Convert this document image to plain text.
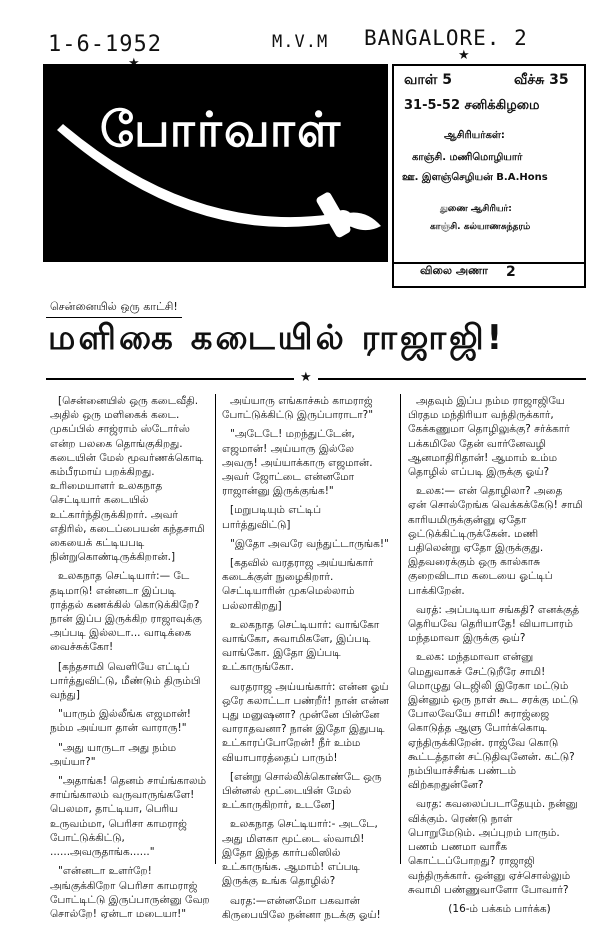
1-6-1952	M.V.M BANGALORE. 2
★
போர்வாள்
வாள் 5	வீச்சு 35
31-5-52 சனிக்கிழமை
ஆசிரியர்கள்:
காஞ்சி. மணிமொழியார்
ஊ. இளஞ்செழியன் B.A.Hons
துணை ஆசிரியர்:
காஞ்சி. கல்யாணசுந்தரம்
விலை அணா 2
சென்னையில் ஒரு காட்சி!
மளிகை கடையில் ராஜாஜி!
★

[சென்னையில் ஒரு கடைவீதி. அதில் ஒரு மளிகைக் கடை. முகப்பில் சாஜ்ராம் ஸ்டோர்ஸ் என்ற பலகை தொங்குகிறது. கடையின் மேல் மூவர்ணக்கொடி கம்பீரமாய் பறக்கிறது. உரிமையாளர் உலகநாத செட்டியார் கடையில் உட்கார்ந்திருக்கிறார். அவர் எதிரில், கடைப்பையன் கந்தசாமி கையைக் கட்டியபடி நின்றுகொண்டிருக்கிறான்.]

உலகநாத செட்டியார்:— டே தடிமாடு! என்னடா இப்படி ராத்தல் கணக்கில் கொடுக்கிறே? நான் இப்ப இருக்கிற ராஜாவுக்கு அப்படி இல்லடா... வாடிக்கை வைச்சுக்கோ!

[கந்தசாமி வெளியே எட்டிப் பார்த்துவிட்டு, மீண்டும் திரும்பி வந்து]

"யாரும் இல்லீங்க எஜமான்! நம்ம அய்யா தான் வாராரு!"

"அது யாருடா அது நம்ம அய்யா?"

"அதாங்க! தெனம் சாய்ங்காலம் சாய்ங்காலம் வருவாருங்களே! பெலமா, தாட்டியா, பெரிய உருவம்மா, பெரிசா காமராஜ் போட்டுக்கிட்டு, ......அவருதாங்க......"

"என்னடா உளர்றே! அங்குக்கிறோ பெரிசா காமராஜ் போட்டிட்டு இருப்பாருன்னு வேற சொல்றே! ஏன்டா மடையா!"

அய்யாரு எங்காச்சும் காமராஜ் போட்டுக்கிட்டு இருப்பாராடா?"

"அடேடே! மறந்துட்டேன், எஜமான்! அய்யாரு இல்லே அவரு! அய்யாக்காரு எஜமான். அவர் ஜோட்டை என்னமோ ராஜான்னு இருக்குங்க!"

[மறுபடியும் எட்டிப் பார்த்துவிட்டு]

"இதோ அவரே வந்துட்டாருங்க!"

[கதவில் வரதராஜ அய்யங்கார் கடைக்குள் நுழைகிறார். செட்டியாரின் முகமெல்லாம் பல்லாகிறது]

உலகநாத செட்டியார்: வாங்கோ வாங்கோ, சுவாமிகளே, இப்படி வாங்கோ. இதோ இப்படி உட்காருங்கோ.

வரதராஜ அய்யங்கார்: என்ன ஓய் ஒரே கலாட்டா பண்றீர்! நான் என்ன புது மனுஷனா? முன்னே பின்னே வாராதவனா? நான் இதோ இதுபடி உட்காரப்போறேன்! நீர் உம்ம வியாபாரத்தைப் பாரும்!

[என்று சொல்லிக்கொண்டே ஒரு பின்னல் மூட்டையின் மேல் உட்காருகிறார், உடனே]

உலகநாத செட்டியார்:- அடடே, அது மிளகா மூட்டை ஸ்வாமி! இதோ இந்த கார்பலிஸில் உட்காருங்க. ஆமாம்! எப்படி இருக்கு உங்க தொழில்?

வரத:—என்னமோ பகவான் கிருபையிலே நன்னா நடக்கு ஓய்!

அதவும் இப்ப நம்ம ராஜாஜியே பிரதம மந்திரியா வந்திருக்கார், கேக்கணுமா தொழிலுக்கு? சர்க்கார் பக்கமிலே தேன் வார்னேவழி ஆனமாதிரிதான்! ஆமாம் உம்ம தொழில் எப்படி இருக்கு ஓய்?

உலக:— என் தொழிலா? அதை ஏன் சொல்றேங்க வெக்கக்கேடு! சாமி காரியமிருக்குன்னு ஏதோ ஒட்டுக்கிட்டிருக்கேன். மணி பதிலென்று ஏதோ இருக்குது. இதவரைக்கும் ஒரு கால்காசு குறைவிடாம கடையை ஓட்டிப் பாக்கிறேன்.

வரத்: அப்படியா சங்கதி? எனக்குத் தெரியவே தெரியாதே! வியாபாரம் மந்தமாவா இருக்கு ஒய்?

உலக: மந்தமாவா என்னு மெதுவாகச் சேட்டுறீரே சாமி! மொழுது டெஜிலி இரேகா மட்டும் இன்னும் ஒரு நாள் கூட சரக்கு மட்டு போலவேயே சாமி! சுராஜ்ஜை கொடுத்த ஆளு போர்க்கொடி ஏந்திருக்கிறேன். ராஜ்வே கொடு கூட்டத்தான் சட்டுதிவுனேன். கட்டு? நம்பியாச்சீங்க பண்டம் விற்கறதுன்னே?

வரத: கவலைப்படாதேயும். நன்னு விக்கும். ரெண்டு நாள் பொறுமேடும். அப்புறம் பாரும். பணம் பணமா வாரீக கொட்டப்போறது? ராஜாஜி வந்திருக்கார். ஒன்னு ஏச்சொல்லும் சுவாமி பண்ணுவாளோ போவார்?

(16-ம் பக்கம் பார்க்க)
